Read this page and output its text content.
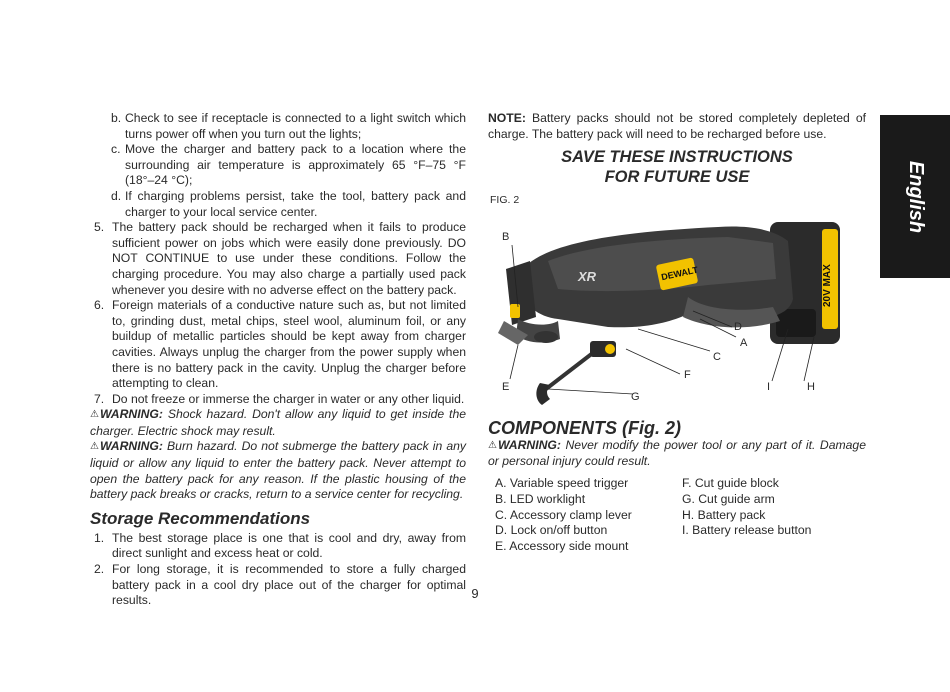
b. Check to see if receptacle is connected to a light switch which turns power off when you turn out the lights;
c. Move the charger and battery pack to a location where the surrounding air temperature is approximately 65 °F–75 °F (18°–24 °C);
d. If charging problems persist, take the tool, battery pack and charger to your local service center.
5. The battery pack should be recharged when it fails to produce sufficient power on jobs which were easily done previously. DO NOT CONTINUE to use under these conditions. Follow the charging procedure. You may also charge a partially used pack whenever you desire with no adverse effect on the battery pack.
6. Foreign materials of a conductive nature such as, but not limited to, grinding dust, metal chips, steel wool, aluminum foil, or any buildup of metallic particles should be kept away from charger cavities. Always unplug the charger from the power supply when there is no battery pack in the cavity. Unplug the charger before attempting to clean.
7. Do not freeze or immerse the charger in water or any other liquid.
⚠WARNING: Shock hazard. Don't allow any liquid to get inside the charger. Electric shock may result.
⚠WARNING: Burn hazard. Do not submerge the battery pack in any liquid or allow any liquid to enter the battery pack. Never attempt to open the battery pack for any reason. If the plastic housing of the battery pack breaks or cracks, return to a service center for recycling.
Storage Recommendations
1. The best storage place is one that is cool and dry, away from direct sunlight and excess heat or cold.
2. For long storage, it is recommended to store a fully charged battery pack in a cool dry place out of the charger for optimal results.
NOTE: Battery packs should not be stored completely depleted of charge. The battery pack will need to be recharged before use.
SAVE THESE INSTRUCTIONS
FOR FUTURE USE
FIG. 2
20V MAX
DEWALT
XR
B
D
A
C
F
E
G
I	H
COMPONENTS (Fig. 2)
⚠WARNING: Never modify the power tool or any part of it. Damage or personal injury could result.
A. Variable speed trigger
B. LED worklight
C. Accessory clamp lever
D. Lock on/off button
E. Accessory side mount
F. Cut guide block
G. Cut guide arm
H. Battery pack
I. Battery release button
English
9
